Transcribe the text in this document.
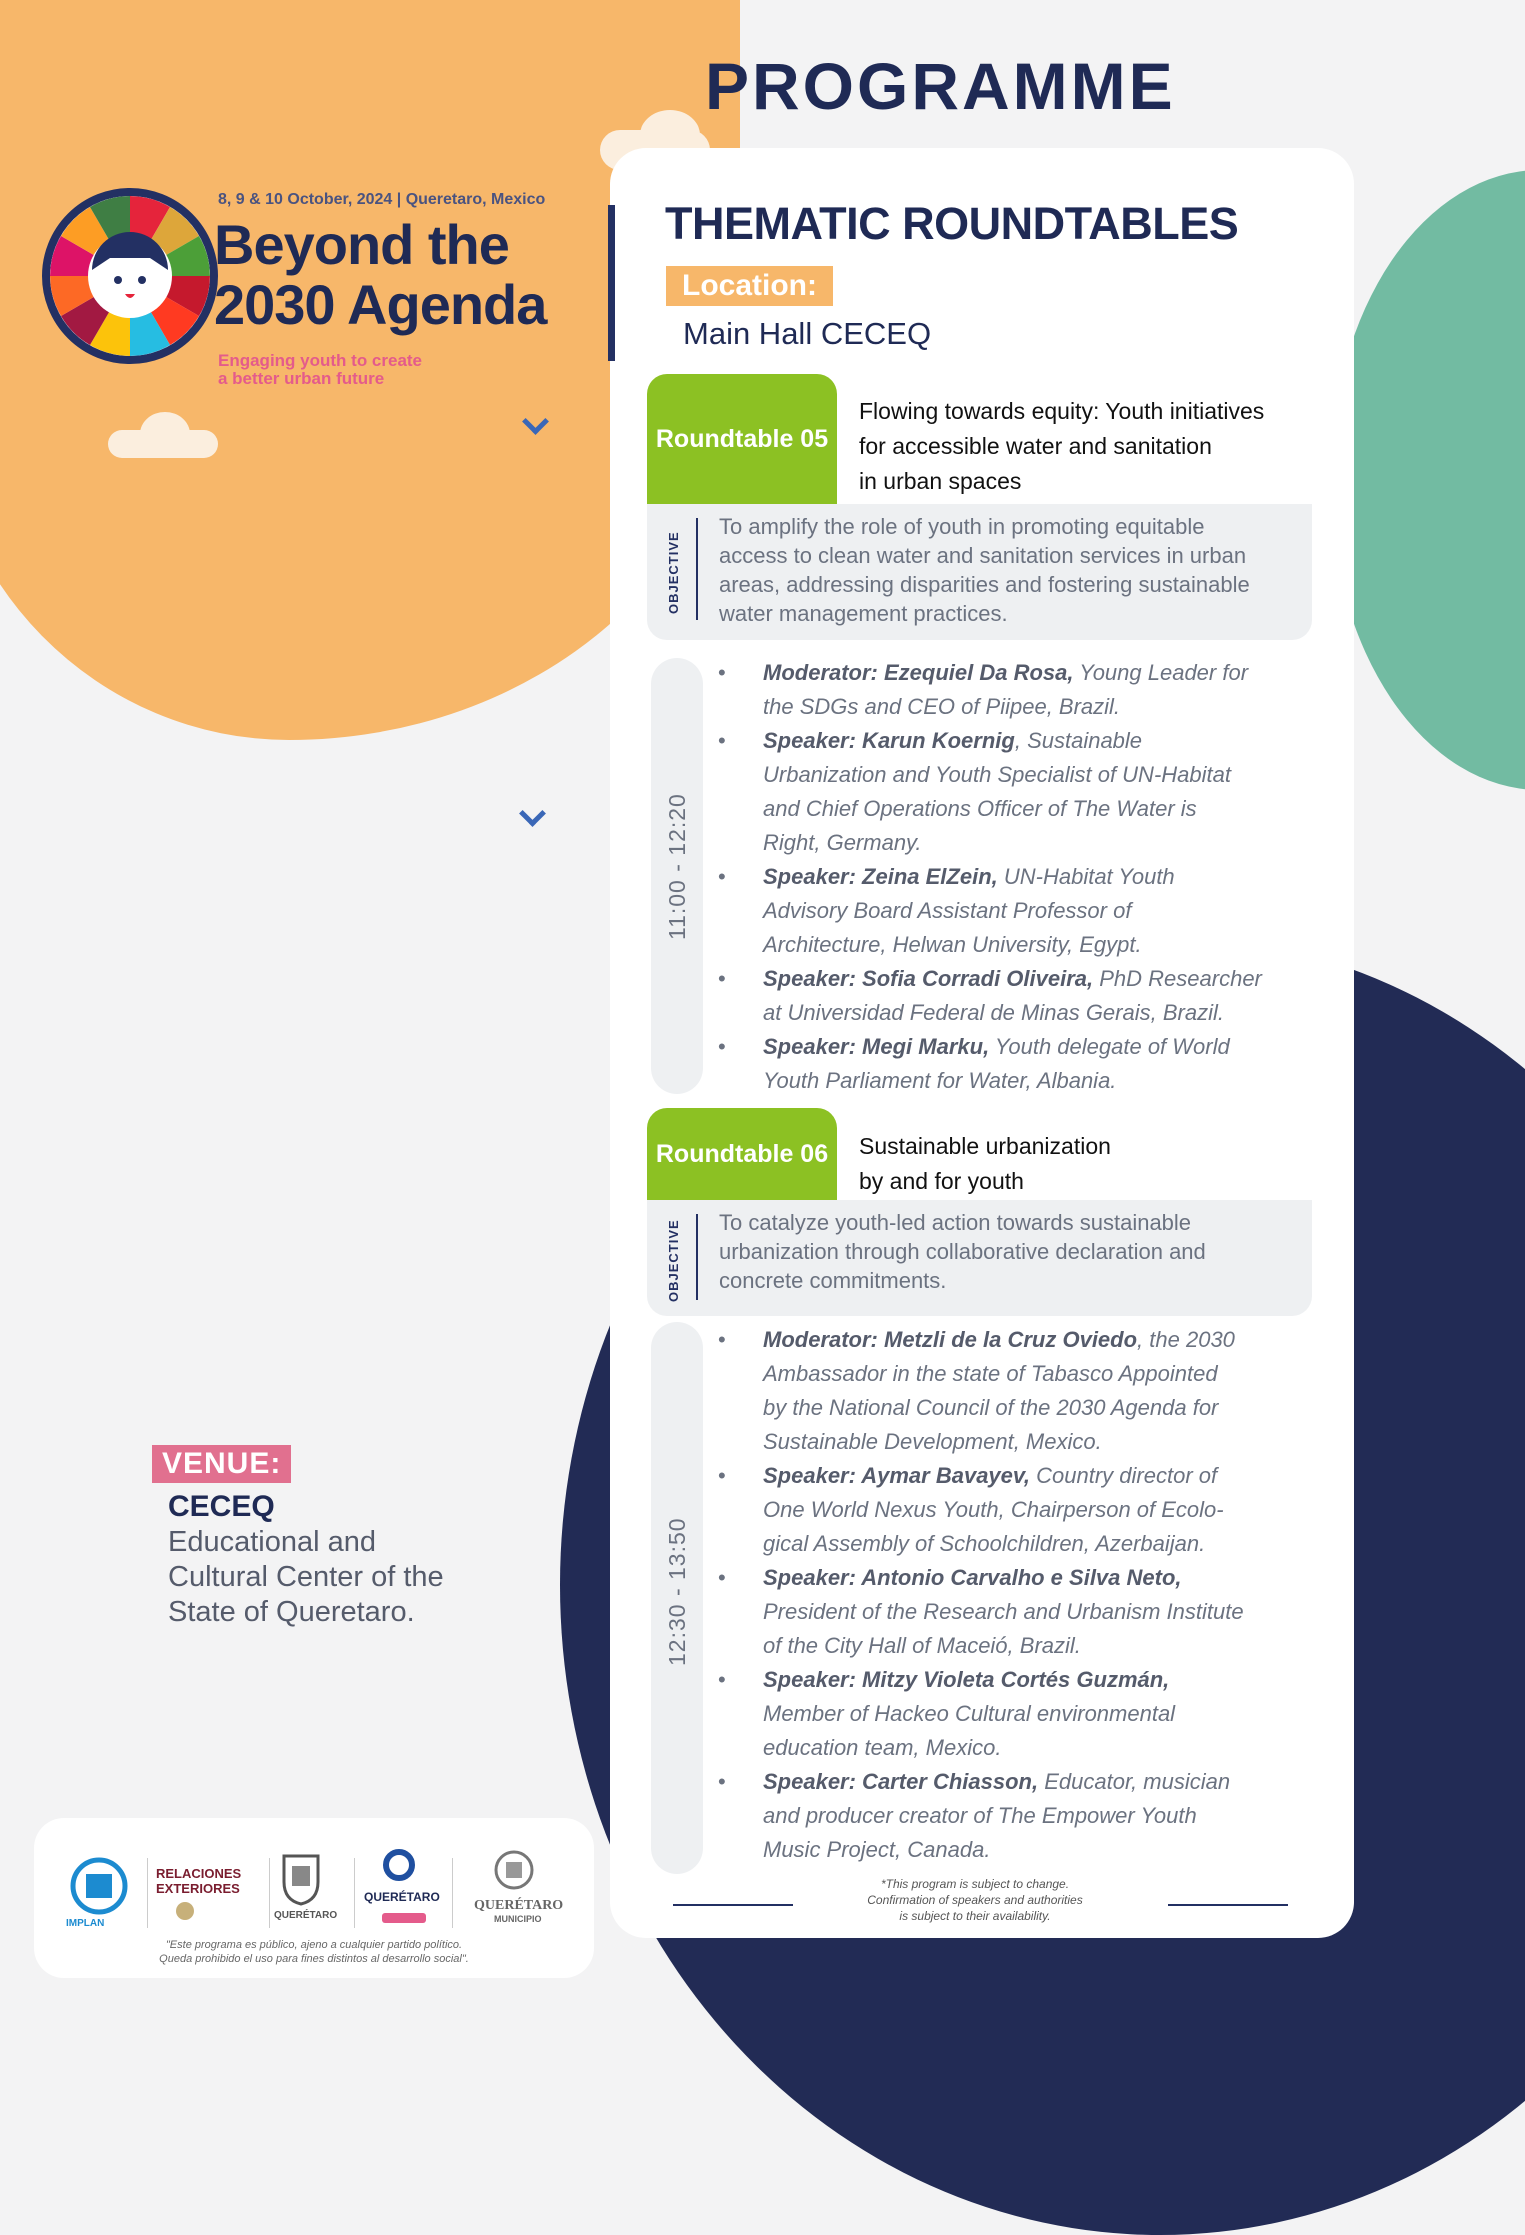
PROGRAMME
8, 9 & 10 October, 2024 | Queretaro, Mexico
Beyond the
2030 Agenda
Engaging youth to create
a better urban future
VENUE:
CECEQ
Educational and Cultural Center of the State of Queretaro.
IMPLAN
RELACIONES
EXTERIORES
QUERÉTARO
QUERÉTARO
QUERÉTARO
MUNICIPIO
"Este programa es público, ajeno a cualquier partido político.
Queda prohibido el uso para fines distintos al desarrollo social".
THEMATIC ROUNDTABLES
Location:
Main Hall CECEQ
Roundtable 05
Flowing towards equity: Youth initiatives
for accessible water and sanitation
in urban spaces
OBJECTIVE
To amplify the role of youth in promoting equitable
access to clean water and sanitation services in urban
areas, addressing disparities and fostering sustainable
water management practices.
11:00 - 12:20
• Moderator: Ezequiel Da Rosa, Young Leader for
the SDGs and CEO of Piipee, Brazil.
• Speaker: Karun Koernig, Sustainable
Urbanization and Youth Specialist of UN-Habitat
and Chief Operations Officer of The Water is
Right, Germany.
• Speaker: Zeina ElZein, UN-Habitat Youth
Advisory Board Assistant Professor of
Architecture, Helwan University, Egypt.
• Speaker: Sofia Corradi Oliveira, PhD Researcher
at Universidad Federal de Minas Gerais, Brazil.
• Speaker: Megi Marku, Youth delegate of World
Youth Parliament for Water, Albania.
Roundtable 06	Sustainable urbanization
by and for youth
OBJECTIVE To catalyze youth-led action towards sustainable
urbanization through collaborative declaration and
concrete commitments.
12:30 - 13:50
• Moderator: Metzli de la Cruz Oviedo, the 2030
Ambassador in the state of Tabasco Appointed
by the National Council of the 2030 Agenda for
Sustainable Development, Mexico.
• Speaker: Aymar Bavayev, Country director of
One World Nexus Youth, Chairperson of Ecolo-
gical Assembly of Schoolchildren, Azerbaijan.
• Speaker: Antonio Carvalho e Silva Neto,
President of the Research and Urbanism Institute
of the City Hall of Maceió, Brazil.
• Speaker: Mitzy Violeta Cortés Guzmán,
Member of Hackeo Cultural environmental
education team, Mexico.
• Speaker: Carter Chiasson, Educator, musician
and producer creator of The Empower Youth
Music Project, Canada.
*This program is subject to change.
Confirmation of speakers and authorities
is subject to their availability.
